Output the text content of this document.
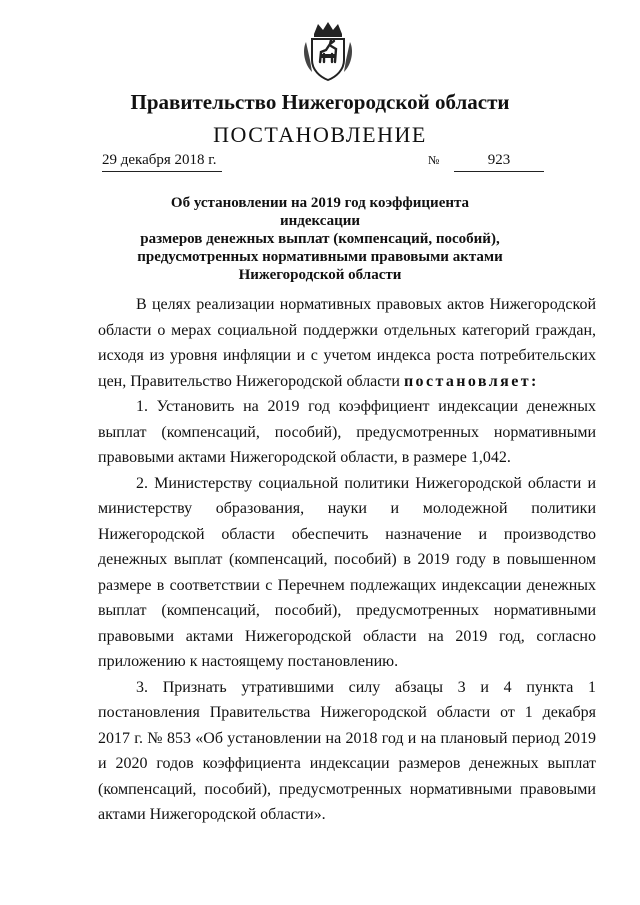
Правительство Нижегородской области
ПОСТАНОВЛЕНИЕ
29 декабря 2018 г.	№	923
Об установлении на 2019 год коэффициента индексации
размеров денежных выплат (компенсаций, пособий),
предусмотренных нормативными правовыми актами
Нижегородской области

В целях реализации нормативных правовых актов Нижегородской области о мерах социальной поддержки отдельных категорий граждан, исходя из уровня инфляции и с учетом индекса роста потребительских цен, Правительство Нижегородской области постановляет:

1. Установить на 2019 год коэффициент индексации денежных выплат (компенсаций, пособий), предусмотренных нормативными правовыми актами Нижегородской области, в размере 1,042.

2. Министерству социальной политики Нижегородской области и министерству образования, науки и молодежной политики Нижегородской области обеспечить назначение и производство денежных выплат (компенсаций, пособий) в 2019 году в повышенном размере в соответствии с Перечнем подлежащих индексации денежных выплат (компенсаций, пособий), предусмотренных нормативными правовыми актами Нижегородской области на 2019 год, согласно приложению к настоящему постановлению.

3. Признать утратившими силу абзацы 3 и 4 пункта 1 постановления Правительства Нижегородской области от 1 декабря 2017 г. № 853 «Об установлении на 2018 год и на плановый период 2019 и 2020 годов коэффициента индексации размеров денежных выплат (компенсаций, пособий), предусмотренных нормативными правовыми актами Нижегородской области».
